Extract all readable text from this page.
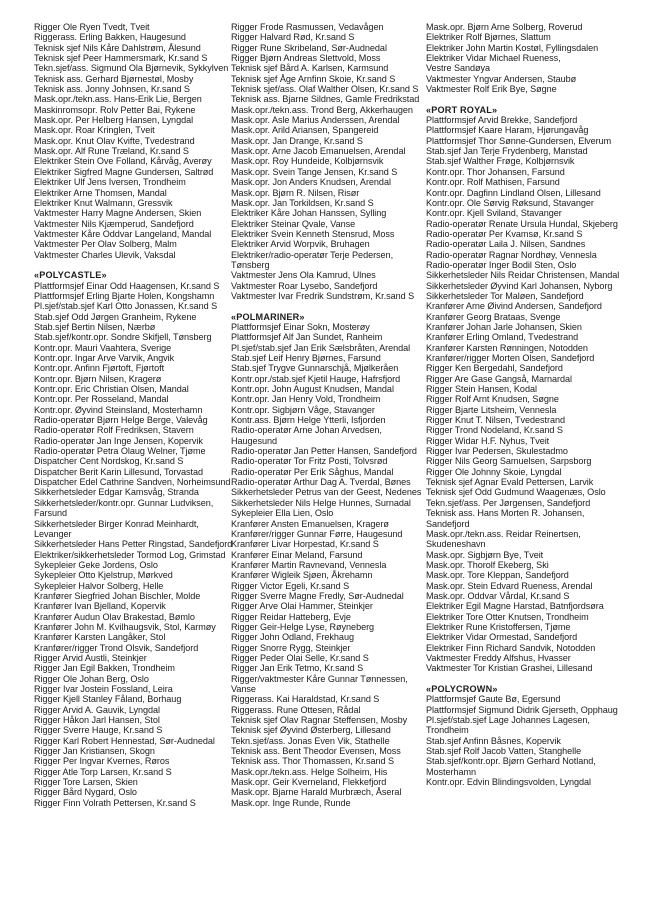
Rigger Ole Ryen Tvedt, Tveit
Riggerass. Erling Bakken, Haugesund
Teknisk sjef Nils Kåre Dahlstrøm, Ålesund
Teknisk sjef Peer Hammersmark, Kr.sand S
Tekn.sjef/ass. Sigmund Ola Bjørnevik, Sykkylven
Teknisk ass. Gerhard Bjørnestøl, Mosby
Teknisk ass. Jonny Johnsen, Kr.sand S
Mask.opr./tekn.ass. Hans-Erik Lie, Bergen
Maskinromsopr. Rolv Petter Bai, Rykene
Mask.opr. Per Helberg Hansen, Lyngdal
Mask.opr. Roar Kringlen, Tveit
Mask.opr. Knut Olav Kvifte, Tvedestrand
Mask.opr. Alf Rune Træland, Kr.sand S
Elektriker Stein Ove Folland, Kårvåg, Averøy
Elektriker Sigfred Magne Gundersen, Saltrød
Elektriker Ulf Jens Iversen, Trondheim
Elektriker Arne Thomsen, Mandal
Elektriker Knut Walmann, Gressvik
Vaktmester Harry Magne Andersen, Skien
Vaktmester Nils Kjæmperud, Sandefjord
Vaktmester Kåre Oddvar Langeland, Mandal
Vaktmester Per Olav Solberg, Malm
Vaktmester Charles Ulevik, Vaksdal
«POLYCASTLE»
Plattformsjef Einar Odd Haagensen, Kr.sand S
Plattformsjef Erling Bjarte Holen, Kongshamn
Pl.sjef/stab.sjef Karl Otto Jonassen, Kr.sand S
Stab.sjef Odd Jørgen Granheim, Rykene
Stab.sjef Bertin Nilsen, Nærbø
Stab.sjef/kontr.opr. Sondre Skifjell, Tønsberg
Kontr.opr. Mauri Vaahtera, Sverige
Kontr.opr. Ingar Arve Varvik, Angvik
Kontr.opr. Anfinn Fjørtoft, Fjørtoft
Kontr.opr. Bjørn Nilsen, Kragerø
Kontr.opr. Eric Christian Olsen, Mandal
Kontr.opr. Per Rosseland, Mandal
Kontr.opr. Øyvind Steinsland, Mosterhamn
Radio-operatør Bjørn Helge Berge, Valevåg
Radio-operatør Rolf Fredriksen, Stavern
Radio-operatør Jan Inge Jensen, Kopervik
Radio-operatør Petra Olaug Welner, Tjøme
Dispatcher Cent Nordskog, Kr.sand S
Dispatcher Berit Karin Lillesund, Torvastad
Dispatcher Edel Cathrine Sandven, Norheimsund
Sikkerhetsleder Edgar Kamsvåg, Stranda
Sikkerhetsleder/kontr.opr. Gunnar Ludviksen,
Farsund
Sikkerhetsleder Birger Konrad Meinhardt,
Levanger
Sikkerhetsleder Hans Petter Ringstad, Sandefjord
Elektriker/sikkerhetsleder Tormod Log, Grimstad
Sykepleier Geke Jordens, Oslo
Sykepleier Otto Kjelstrup, Mørkved
Sykepleier Halvor Solberg, Helle
Kranfører Siegfried Johan Bischler, Molde
Kranfører Ivan Bjelland, Kopervik
Kranfører Audun Olav Brakestad, Bømlo
Kranfører John M. Kvilhaugsvik, Stol, Karmøy
Kranfører Karsten Langåker, Stol
Kranfører/rigger Trond Olsvik, Sandefjord
Rigger Arvid Austli, Steinkjer
Rigger Jan Egil Bakken, Trondheim
Rigger Ole Johan Berg, Oslo
Rigger Ivar Jostein Fossland, Leira
Rigger Kjell Stanley Fåland, Borhaug
Rigger Arvid A. Gauvik, Lyngdal
Rigger Håkon Jarl Hansen, Stol
Rigger Sverre Hauge, Kr.sand S
Rigger Karl Robert Hennestad, Sør-Audnedal
Rigger Jan Kristiansen, Skogn
Rigger Per Ingvar Kvernes, Røros
Rigger Atle Torp Larsen, Kr.sand S
Rigger Tore Larsen, Skien
Rigger Bård Nygard, Oslo
Rigger Finn Volrath Pettersen, Kr.sand S
Rigger Frode Rasmussen, Vedavågen
Rigger Halvard Rød, Kr.sand S
Rigger Rune Skribeland, Sør-Audnedal
Rigger Bjørn Andreas Slettvold, Moss
Teknisk sjef Bård A. Karlsen, Karmsund
Teknisk sjef Åge Arnfinn Skoie, Kr.sand S
Teknisk sjef/ass. Olaf Walther Olsen, Kr.sand S
Teknisk ass. Bjarne Sildnes, Gamle Fredrikstad
Mask.opr./tekn.ass. Trond Berg, Akkerhaugen
Mask.opr. Asle Marius Anderssen, Arendal
Mask.opr. Arild Ariansen, Spangereid
Mask.opr. Jan Drange, Kr.sand S
Mask.opr. Arne Jacob Emanuelsen, Arendal
Mask.opr. Roy Hundeide, Kolbjørnsvik
Mask.opr. Svein Tange Jensen, Kr.sand S
Mask.opr. Jon Anders Knudsen, Arendal
Mask.opr. Bjørn R. Nilsen, Risør
Mask.opr. Jan Torkildsen, Kr.sand S
Elektriker Kåre Johan Hanssen, Sylling
Elektriker Steinar Qvale, Vanse
Elektriker Svein Kenneth Stensrud, Moss
Elektriker Arvid Worpvik, Bruhagen
Elektriker/radio-operatør Terje Pedersen,
Tønsberg
Vaktmester Jens Ola Kamrud, Ulnes
Vaktmester Roar Lysebo, Sandefjord
Vaktmester Ivar Fredrik Sundstrøm, Kr.sand S
«POLMARINER»
Plattformsjef Einar Sokn, Mosterøy
Plattformsjef Alf Jan Sundet, Ranheim
Pl.sjef/stab.sjef Jan Erik Sælsbråten, Arendal
Stab.sjef Leif Henry Bjørnes, Farsund
Stab.sjef Trygve Gunnarschjå, Mjølkeråen
Kontr.opr./stab.sjef Kjetil Hauge, Hafrsfjord
Kontr.opr. John August Knudsen, Mandal
Kontr.opr. Jan Henry Vold, Trondheim
Kontr.opr. Sigbjørn Våge, Stavanger
Kontr.ass. Bjørn Helge Ytterli, Isfjorden
Radio-operatør Arne Johan Arvedsen,
Haugesund
Radio-operatør Jan Petter Hansen, Sandefjord
Radio-operatør Tor Fritz Posti, Tolvsrød
Radio-operatør Per Erik Såghus, Mandal
Radio-operatør Arthur Dag A. Tverdal, Bønes
Sikkerhetsleder Petrus van der Geest, Nedenes
Sikkerhetsleder Nils Helge Hunnes, Surnadal
Sykepleier Ella Lien, Oslo
Kranfører Ansten Emanuelsen, Kragerø
Kranfører/rigger Gunnar Førre, Haugesund
Kranfører Livar Horpestad, Kr.sand S
Kranfører Einar Meland, Farsund
Kranfører Martin Ravnevand, Vennesla
Kranfører Wigleik Sjøen, Åkrehamn
Rigger Victor Egeli, Kr.sand S
Rigger Sverre Magne Fredly, Sør-Audnedal
Rigger Arve Olai Hammer, Steinkjer
Rigger Reidar Hatteberg, Evje
Rigger Geir-Helge Lyse, Røyneberg
Rigger John Odland, Frekhaug
Rigger Snorre Rygg, Steinkjer
Rigger Peder Olai Selle, Kr.sand S
Rigger Jan Erik Tetmo, Kr.sand S
Rigger/vaktmester Kåre Gunnar Tønnessen,
Vanse
Riggerass. Kai Haraldstad, Kr.sand S
Riggerass. Rune Ottesen, Rådal
Teknisk sjef Olav Ragnar Steffensen, Mosby
Teknisk sjef Øyvind Østerberg, Lillesand
Tekn.sjef/ass. Jonas Even Vik, Stathelle
Teknisk ass. Bent Theodor Evensen, Moss
Teknisk ass. Thor Thomassen, Kr.sand S
Mask.opr./tekn.ass. Helge Solheim, His
Mask.opr. Geir Kverneland, Flekkefjord
Mask.opr. Bjarne Harald Murbræch, Åseral
Mask.opr. Inge Runde, Runde
Mask.opr. Bjørn Arne Solberg, Roverud
Elektriker Rolf Bjørnes, Slattum
Elektriker John Martin Kostøl, Fyllingsdalen
Elektriker Vidar Michael Rueness,
Vestre Sandøya
Vaktmester Yngvar Andersen, Staubø
Vaktmester Rolf Erik Bye, Søgne
«PORT ROYAL»
Plattformsjef Arvid Brekke, Sandefjord
Plattformsjef Kaare Haram, Hjørungavåg
Plattformsjef Thor Sønne-Gundersen, Elverum
Stab.sjef Jan Terje Frydenberg, Manstad
Stab.sjef Walther Frøge, Kolbjørnsvik
Kontr.opr. Thor Johansen, Farsund
Kontr.opr. Rolf Mathisen, Farsund
Kontr.opr. Dagfinn Lindland Olsen, Lillesand
Kontr.opr. Ole Sørvig Røksund, Stavanger
Kontr.opr. Kjell Sviland, Stavanger
Radio-operatør Renate Ursula Hundal, Skjeberg
Radio-operatør Per Kvamsø, Kr.sand S
Radio-operatør Laila J. Nilsen, Sandnes
Radio-operatør Ragnar Nordhøy, Vennesla
Radio-operatør Inger Bodil Sten, Oslo
Sikkerhetsleder Nils Reidar Christensen, Mandal
Sikkerhetsleder Øyvind Karl Johansen, Nyborg
Sikkerhetsleder Tor Maløen, Sandefjord
Kranfører Arne Øivind Andersen, Sandefjord
Kranfører Georg Brataas, Svenge
Kranfører Johan Jarle Johansen, Skien
Kranfører Erling Omland, Tvedestrand
Kranfører Karsten Rønningen, Notodden
Kranfører/rigger Morten Olsen, Sandefjord
Rigger Ken Bergedahl, Sandefjord
Rigger Are Gase Gangså, Marnardal
Rigger Stein Hansen, Kodal
Rigger Rolf Arnt Knudsen, Søgne
Rigger Bjarte Litsheim, Vennesla
Rigger Knut T. Nilsen, Tvedestrand
Rigger Trond Nodeland, Kr.sand S
Rigger Widar H.F. Nyhus, Tveit
Rigger Ivar Pedersen, Skulestadmo
Rigger Nils Georg Samuelsen, Sarpsborg
Rigger Ole Johnny Skoie, Lyngdal
Teknisk sjef Agnar Evald Pettersen, Larvik
Teknisk sjef Odd Gudmund Waagenæs, Oslo
Tekn.sjef/ass. Per Jørgensen, Sandefjord
Teknisk ass. Hans Morten R. Johansen,
Sandefjord
Mask.opr./tekn.ass. Reidar Reinertsen,
Skudeneshavn
Mask.opr. Sigbjørn Bye, Tveit
Mask.opr. Thorolf Ekeberg, Ski
Mask.opr. Tore Kleppan, Sandefjord
Mask.opr. Stein Edvard Rueness, Arendal
Mask.opr. Oddvar Vårdal, Kr.sand S
Elektriker Egil Magne Harstad, Batnfjordsøra
Elektriker Tore Otter Knutsen, Trondheim
Elektriker Rune Kristoffersen, Tjøme
Elektriker Vidar Ormestad, Sandefjord
Elektriker Finn Richard Sandvik, Notodden
Vaktmester Freddy Alfshus, Hvasser
Vaktmester Tor Kristian Grashei, Lillesand
«POLYCROWN»
Plattformsjef Gaute Bø, Egersund
Plattformsjef Sigmund Didrik Gjerseth, Opphaug
Pl.sjef/stab.sjef Lage Johannes Lagesen,
Trondheim
Stab.sjef Anfinn Båsnes, Kopervik
Stab.sjef Rolf Jacob Vatten, Stanghelle
Stab.sjef/kontr.opr. Bjørn Gerhard Notland,
Mosterhamn
Kontr.opr. Edvin Blindingsvolden, Lyngdal
